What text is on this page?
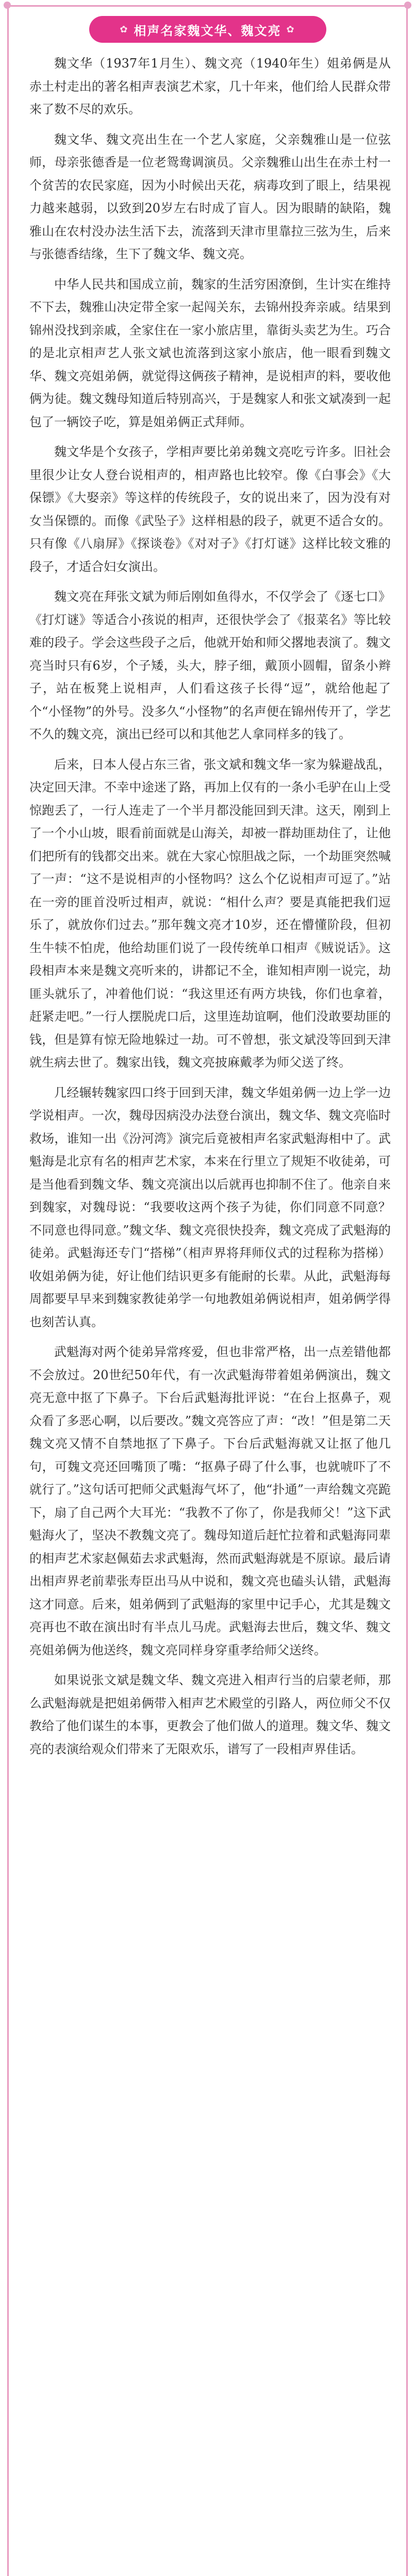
✿ 相声名家魏文华、魏文亮 ✿

魏文华（1937年1月生）、魏文亮（1940年生）姐弟俩是从赤土村走出的著名相声表演艺术家，几十年来，他们给人民群众带来了数不尽的欢乐。

魏文华、魏文亮出生在一个艺人家庭，父亲魏雅山是一位弦师，母亲张德香是一位老鸳鸯调演员。父亲魏雅山出生在赤土村一个贫苦的农民家庭，因为小时候出天花，病毒攻到了眼上，结果视力越来越弱，以致到20岁左右时成了盲人。因为眼睛的缺陷，魏雅山在农村没办法生活下去，流落到天津市里靠拉三弦为生，后来与张德香结缘，生下了魏文华、魏文亮。

中华人民共和国成立前，魏家的生活穷困潦倒，生计实在维持不下去，魏雅山决定带全家一起闯关东，去锦州投奔亲戚。结果到锦州没找到亲戚，全家住在一家小旅店里，靠街头卖艺为生。巧合的是北京相声艺人张文斌也流落到这家小旅店，他一眼看到魏文华、魏文亮姐弟俩，就觉得这俩孩子精神，是说相声的料，要收他俩为徒。魏文魏母知道后特别高兴，于是魏家人和张文斌凑到一起包了一辆饺子吃，算是姐弟俩正式拜师。

魏文华是个女孩子，学相声要比弟弟魏文亮吃亏许多。旧社会里很少让女人登台说相声的，相声路也比较窄。像《白事会》《大保镖》《大娶亲》等这样的传统段子，女的说出来了，因为没有对女当保镖的。而像《武坠子》这样相悬的段子，就更不适合女的。只有像《八扇屏》《探谈卷》《对对子》《打灯谜》这样比较文雅的段子，才适合妇女演出。

魏文亮在拜张文斌为师后刚如鱼得水，不仅学会了《逐七口》《打灯谜》等适合小孩说的相声，还很快学会了《报菜名》等比较难的段子。学会这些段子之后，他就开始和师父撂地表演了。魏文亮当时只有6岁，个子矮，头大，脖子细，戴顶小圆帽，留条小辫子，站在板凳上说相声，人们看这孩子长得“逗”，就给他起了个“小怪物”的外号。没多久“小怪物”的名声便在锦州传开了，学艺不久的魏文亮，演出已经可以和其他艺人拿同样多的钱了。

后来，日本人侵占东三省，张文斌和魏文华一家为躲避战乱，决定回天津。不幸中途迷了路，再加上仅有的一条小毛驴在山上受惊跑丢了，一行人连走了一个半月都没能回到天津。这天，刚到上了一个小山坡，眼看前面就是山海关，却被一群劫匪劫住了，让他们把所有的钱都交出来。就在大家心惊胆战之际，一个劫匪突然喊了一声：“这不是说相声的小怪物吗？这么个亿说相声可逗了。”站在一旁的匪首没听过相声，就说：“相什么声？要是真能把我们逗乐了，就放你们过去。”那年魏文亮才10岁，还在懵懂阶段，但初生牛犊不怕虎，他给劫匪们说了一段传统单口相声《贼说话》。这段相声本来是魏文亮听来的，讲都记不全，谁知相声刚一说完，劫匪头就乐了，冲着他们说：“我这里还有两方块钱，你们也拿着，赶紧走吧。”一行人摆脱虎口后，这里连劫谊啊，他们没敢要劫匪的钱，但是算有惊无险地躲过一劫。可不曾想，张文斌没等回到天津就生病去世了。魏家出钱，魏文亮披麻戴孝为师父送了终。

几经辗转魏家四口终于回到天津，魏文华姐弟俩一边上学一边学说相声。一次，魏母因病没办法登台演出，魏文华、魏文亮临时救场，谁知一出《汾河湾》演完后竟被相声名家武魁海相中了。武魁海是北京有名的相声艺术家，本来在行里立了规矩不收徒弟，可是当他看到魏文华、魏文亮演出以后就再也抑制不住了。他亲自来到魏家，对魏母说：“我要收这两个孩子为徒，你们同意不同意？不同意也得同意。”魏文华、魏文亮很快投奔，魏文亮成了武魁海的徒弟。武魁海还专门“搭梯”（相声界将拜师仪式的过程称为搭梯）收姐弟俩为徒，好让他们结识更多有能耐的长辈。从此，武魁海每周都要早早来到魏家教徒弟学一句地教姐弟俩说相声，姐弟俩学得也刻苦认真。

武魁海对两个徒弟异常疼爱，但也非常严格，出一点差错他都不会放过。20世纪50年代，有一次武魁海带着姐弟俩演出，魏文亮无意中抠了下鼻子。下台后武魁海批评说：“在台上抠鼻子，观众看了多恶心啊，以后要改。”魏文亮答应了声：“改！”但是第二天魏文亮又情不自禁地抠了下鼻子。下台后武魁海就又让抠了他几句，可魏文亮还回嘴顶了嘴：“抠鼻子碍了什么事，也就唬吓了不就行了。”这句话可把师父武魁海气坏了，他“扑通”一声给魏文亮跪下，扇了自己两个大耳光：“我教不了你了，你是我师父！”这下武魁海火了，坚决不教魏文亮了。魏母知道后赶忙拉着和武魁海同辈的相声艺术家赵佩茹去求武魁海，然而武魁海就是不原谅。最后请出相声界老前辈张寿臣出马从中说和，魏文亮也磕头认错，武魁海这才同意。后来，姐弟俩到了武魁海的家里中记手心，尤其是魏文亮再也不敢在演出时有半点儿马虎。武魁海去世后，魏文华、魏文亮姐弟俩为他送终，魏文亮同样身穿重孝给师父送终。

如果说张文斌是魏文华、魏文亮进入相声行当的启蒙老师，那么武魁海就是把姐弟俩带入相声艺术殿堂的引路人，两位师父不仅教给了他们谋生的本事，更教会了他们做人的道理。魏文华、魏文亮的表演给观众们带来了无限欢乐，谱写了一段相声界佳话。
